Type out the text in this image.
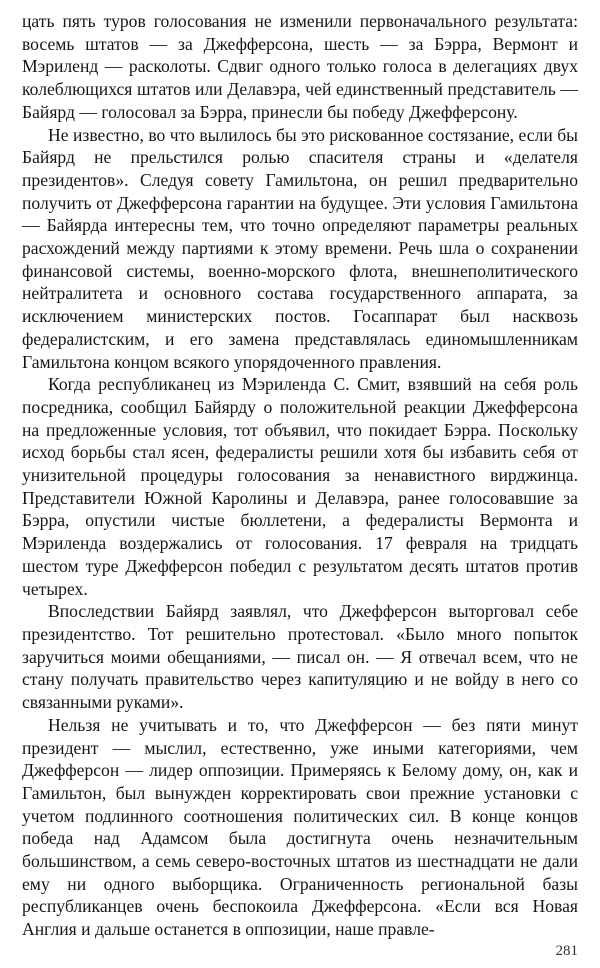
цать пять туров голосования не изменили первоначального результата: восемь штатов — за Джефферсона, шесть — за Бэрра, Вермонт и Мэриленд — расколоты. Сдвиг одного только голоса в делегациях двух колеблющихся штатов или Делавэра, чей единственный представитель — Байярд — голосовал за Бэрра, принесли бы победу Джефферсону.

Не известно, во что вылилось бы это рискованное состязание, если бы Байярд не прельстился ролью спасителя страны и «делателя президентов». Следуя совету Гамильтона, он решил предварительно получить от Джефферсона гарантии на будущее. Эти условия Гамильтона — Байярда интересны тем, что точно определяют параметры реальных расхождений между партиями к этому времени. Речь шла о сохранении финансовой системы, военно-морского флота, внешнеполитического нейтралитета и основного состава государственного аппарата, за исключением министерских постов. Госаппарат был насквозь федералистским, и его замена представлялась единомышленникам Гамильтона концом всякого упорядоченного правления.

Когда республиканец из Мэриленда С. Смит, взявший на себя роль посредника, сообщил Байярду о положительной реакции Джефферсона на предложенные условия, тот объявил, что покидает Бэрра. Поскольку исход борьбы стал ясен, федералисты решили хотя бы избавить себя от унизительной процедуры голосования за ненавистного вирджинца. Представители Южной Каролины и Делавэра, ранее голосовавшие за Бэрра, опустили чистые бюллетени, а федералисты Вермонта и Мэриленда воздержались от голосования. 17 февраля на тридцать шестом туре Джефферсон победил с результатом десять штатов против четырех.

Впоследствии Байярд заявлял, что Джефферсон выторговал себе президентство. Тот решительно протестовал. «Было много попыток заручиться моими обещаниями, — писал он. — Я отвечал всем, что не стану получать правительство через капитуляцию и не войду в него со связанными руками».

Нельзя не учитывать и то, что Джефферсон — без пяти минут президент — мыслил, естественно, уже иными категориями, чем Джефферсон — лидер оппозиции. Примеряясь к Белому дому, он, как и Гамильтон, был вынужден корректировать свои прежние установки с учетом подлинного соотношения политических сил. В конце концов победа над Адамсом была достигнута очень незначительным большинством, а семь северо-восточных штатов из шестнадцати не дали ему ни одного выборщика. Ограниченность региональной базы республиканцев очень беспокоила Джефферсона. «Если вся Новая Англия и дальше останется в оппозиции, наше правле-

281
